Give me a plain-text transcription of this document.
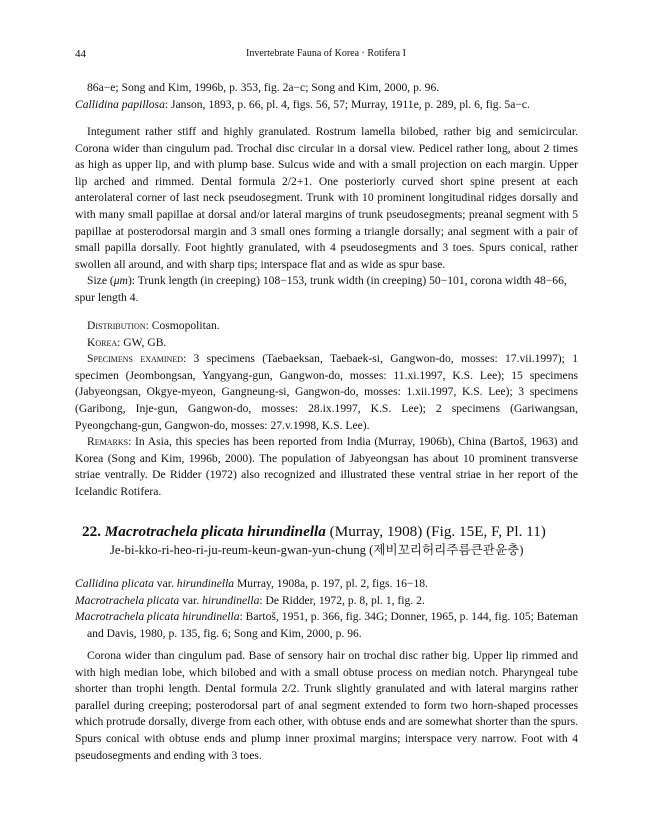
44	Invertebrate Fauna of Korea · Rotifera I

86a−e; Song and Kim, 1996b, p. 353, fig. 2a−c; Song and Kim, 2000, p. 96.

Callidina papillosa: Janson, 1893, p. 66, pl. 4, figs. 56, 57; Murray, 1911e, p. 289, pl. 6, fig. 5a−c.

Integument rather stiff and highly granulated. Rostrum lamella bilobed, rather big and semicircular. Corona wider than cingulum pad. Trochal disc circular in a dorsal view. Pedicel rather long, about 2 times as high as upper lip, and with plump base. Sulcus wide and with a small projection on each margin. Upper lip arched and rimmed. Dental formula 2/2+1. One posteriorly curved short spine present at each anterolateral corner of last neck pseudosegment. Trunk with 10 prominent longitudinal ridges dorsally and with many small papillae at dorsal and/or lateral margins of trunk pseudosegments; preanal segment with 5 papillae at posterodorsal margin and 3 small ones forming a triangle dorsally; anal segment with a pair of small papilla dorsally. Foot hightly granulated, with 4 pseudosegments and 3 toes. Spurs conical, rather swollen all around, and with sharp tips; interspace flat and as wide as spur base.

Size (μm): Trunk length (in creeping) 108−153, trunk width (in creeping) 50−101, corona width 48−66, spur length 4.

Distribution: Cosmopolitan.

Korea: GW, GB.

Specimens examined: 3 specimens (Taebaeksan, Taebaek-si, Gangwon-do, mosses: 17.vii.1997); 1 specimen (Jeombongsan, Yangyang-gun, Gangwon-do, mosses: 11.xi.1997, K.S. Lee); 15 specimens (Jabyeongsan, Okgye-myeon, Gangneung-si, Gangwon-do, mosses: 1.xii.1997, K.S. Lee); 3 specimens (Garibong, Inje-gun, Gangwon-do, mosses: 28.ix.1997, K.S. Lee); 2 specimens (Gariwangsan, Pyeongchang-gun, Gangwon-do, mosses: 27.v.1998, K.S. Lee).

Remarks: In Asia, this species has been reported from India (Murray, 1906b), China (Bartoš, 1963) and Korea (Song and Kim, 1996b, 2000). The population of Jabyeongsan has about 10 prominent transverse striae ventrally. De Ridder (1972) also recognized and illustrated these ventral striae in her report of the Icelandic Rotifera.

22. Macrotrachela plicata hirundinella (Murray, 1908) (Fig. 15E, F, Pl. 11)
Je-bi-kko-ri-heo-ri-ju-reum-keun-gwan-yun-chung (제비꼬리허리주름큰관윤충)

Callidina plicata var. hirundinella Murray, 1908a, p. 197, pl. 2, figs. 16−18.

Macrotrachela plicata var. hirundinella: De Ridder, 1972, p. 8, pl. 1, fig. 2.

Macrotrachela plicata hirundinella: Bartoš, 1951, p. 366, fig. 34G; Donner, 1965, p. 144, fig. 105; Bateman and Davis, 1980, p. 135, fig. 6; Song and Kim, 2000, p. 96.

Corona wider than cingulum pad. Base of sensory hair on trochal disc rather big. Upper lip rimmed and with high median lobe, which bilobed and with a small obtuse process on median notch. Pharyngeal tube shorter than trophi length. Dental formula 2/2. Trunk slightly granulated and with lateral margins rather parallel during creeping; posterodorsal part of anal segment extended to form two horn-shaped processes which protrude dorsally, diverge from each other, with obtuse ends and are somewhat shorter than the spurs. Spurs conical with obtuse ends and plump inner proximal margins; interspace very narrow. Foot with 4 pseudosegments and ending with 3 toes.
